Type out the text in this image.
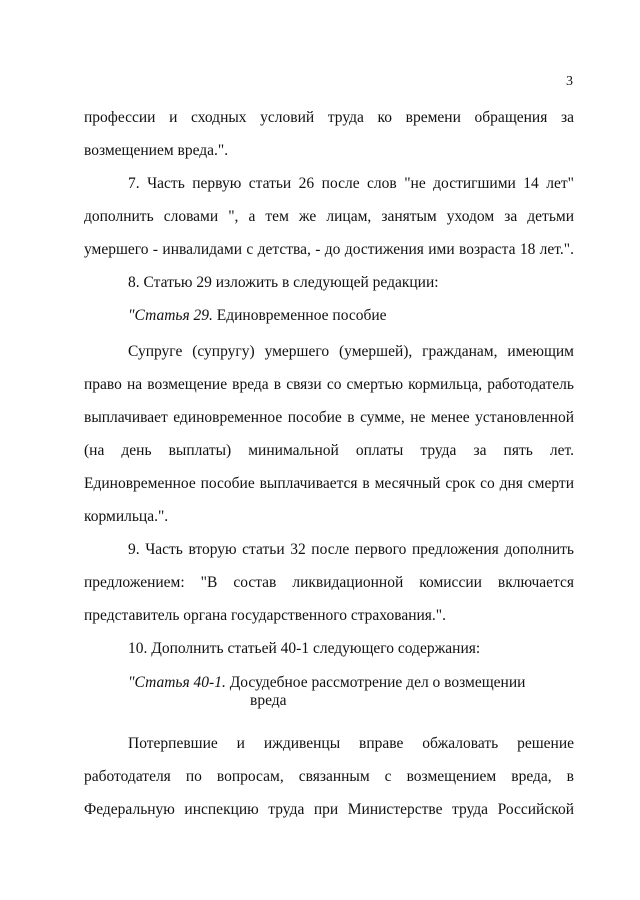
3
профессии и сходных условий труда ко времени обращения за
возмещением вреда.".
7. Часть первую статьи 26 после слов "не достигшими 14 лет"
дополнить словами ", а тем же лицам, занятым уходом за детьми
умершего - инвалидами с детства, - до достижения ими возраста 18 лет.".
8. Статью 29 изложить в следующей редакции:
"Статья 29. Единовременное пособие
Супруге (супругу) умершего (умершей), гражданам, имеющим
право на возмещение вреда в связи со смертью кормильца, работодатель
выплачивает единовременное пособие в сумме, не менее установленной
(на день выплаты) минимальной оплаты труда за пять лет.
Единовременное пособие выплачивается в месячный срок со дня смерти
кормильца.".
9. Часть вторую статьи 32 после первого предложения дополнить
предложением: "В состав ликвидационной комиссии включается
представитель органа государственного страхования.".
10. Дополнить статьей 40-1 следующего содержания:
"Статья 40-1. Досудебное рассмотрение дел о возмещении
вреда
Потерпевшие и иждивенцы вправе обжаловать решение
работодателя по вопросам, связанным с возмещением вреда, в
Федеральную инспекцию труда при Министерстве труда Российской
